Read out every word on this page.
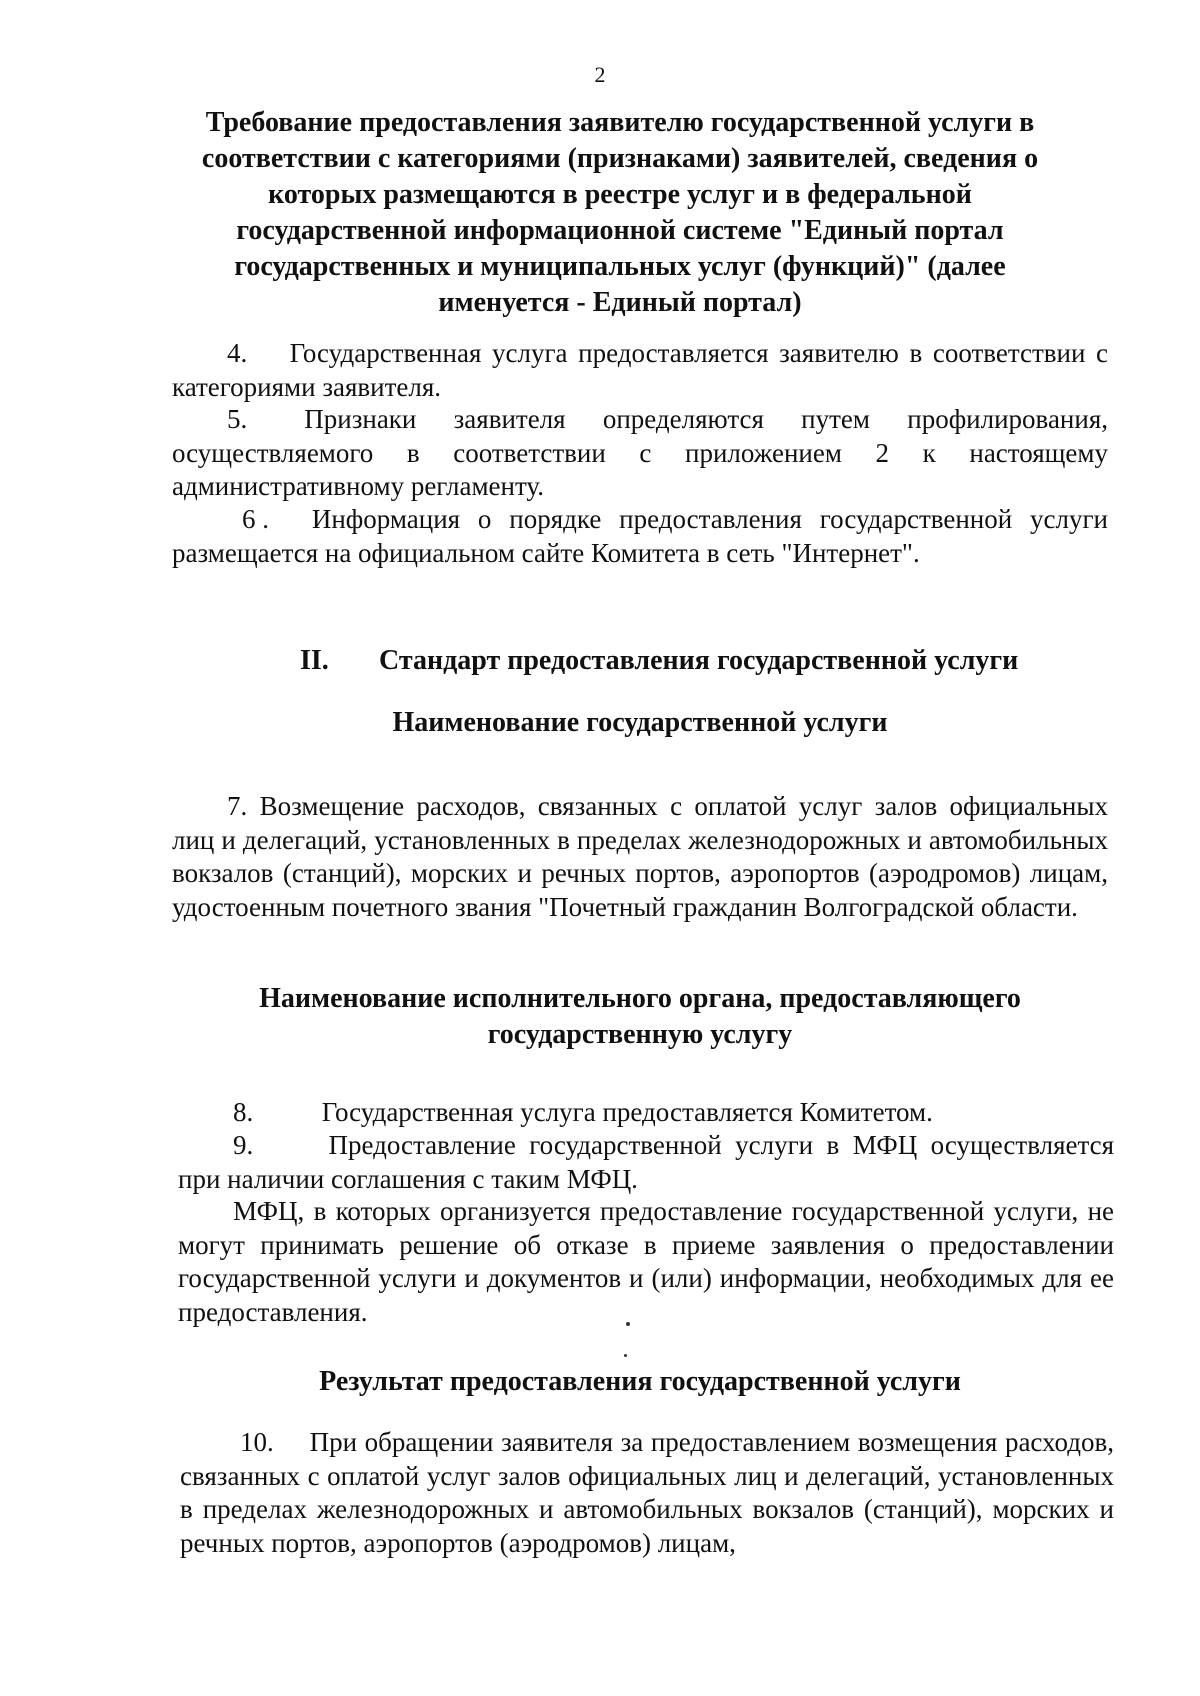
2
Требование предоставления заявителю государственной услуги в
соответствии с категориями (признаками) заявителей, сведения о
которых размещаются в реестре услуг и в федеральной
государственной информационной системе "Единый портал
государственных и муниципальных услуг (функций)" (далее
именуется - Единый портал)
4. Государственная услуга предоставляется заявителю в соответствии с категориями заявителя.
5. Признаки заявителя определяются путем профилирования, осуществляемого в соответствии с приложением 2 к настоящему административному регламенту.
6 . Информация о порядке предоставления государственной услуги размещается на официальном сайте Комитета в сеть "Интернет".
II. Стандарт предоставления государственной услуги
Наименование государственной услуги
7. Возмещение расходов, связанных с оплатой услуг залов официальных лиц и делегаций, установленных в пределах железнодорожных и автомобильных вокзалов (станций), морских и речных портов, аэропортов (аэродромов) лицам, удостоенным почетного звания "Почетный гражданин Волгоградской области.
Наименование исполнительного органа, предоставляющего
государственную услугу
8.	Государственная услуга предоставляется Комитетом.
9.	Предоставление государственной услуги в МФЦ осуществляется при наличии соглашения с таким МФЦ.
МФЦ, в которых организуется предоставление государственной услуги, не могут принимать решение об отказе в приеме заявления о предоставлении государственной услуги и документов и (или) информации, необходимых для ее предоставления.
Результат предоставления государственной услуги
10. При обращении заявителя за предоставлением возмещения расходов, связанных с оплатой услуг залов официальных лиц и делегаций, установленных в пределах железнодорожных и автомобильных вокзалов (станций), морских и речных портов, аэропортов (аэродромов) лицам,
